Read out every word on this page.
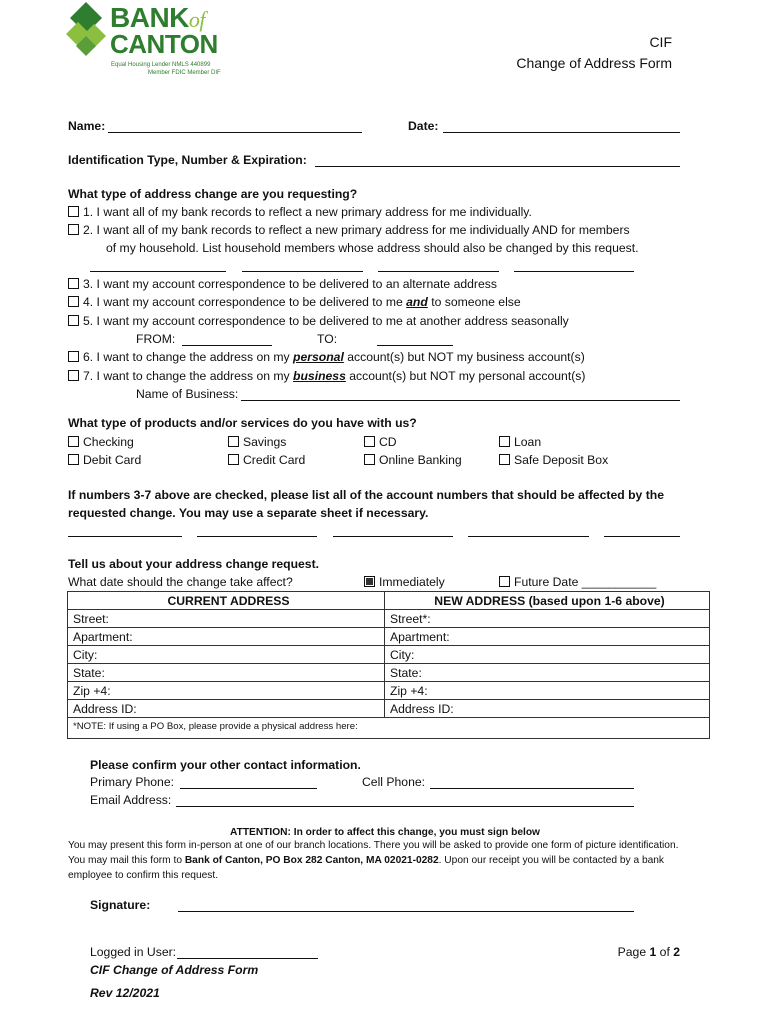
BANKof
CANTON
Equal Housing Lender NMLS 440899
Member FDIC Member DIF
CIF
Change of Address Form
Name:	Date:
Identification Type, Number & Expiration:
What type of address change are you requesting?
1. I want all of my bank records to reflect a new primary address for me individually.
2. I want all of my bank records to reflect a new primary address for me individually AND for members
of my household. List household members whose address should also be changed by this request.
3. I want my account correspondence to be delivered to an alternate address
4. I want my account correspondence to be delivered to me and to someone else
5. I want my account correspondence to be delivered to me at another address seasonally
FROM:	TO:
6. I want to change the address on my personal account(s) but NOT my business account(s)
7. I want to change the address on my business account(s) but NOT my personal account(s)
Name of Business:
What type of products and/or services do you have with us?
Checking	Savings	CD	Loan
Debit Card	Credit Card	Online Banking	Safe Deposit Box
If numbers 3-7 above are checked, please list all of the account numbers that should be affected by the
requested change. You may use a separate sheet if necessary.
Tell us about your address change request.
What date should the change take affect?	Immediately	Future Date ___________
CURRENT ADDRESS	NEW ADDRESS (based upon 1-6 above)
Street:	Street*:
Apartment:	Apartment:
City:	City:
State:	State:
Zip +4:	Zip +4:
Address ID:	Address ID:
*NOTE: If using a PO Box, please provide a physical address here:	
Please confirm your other contact information.
Primary Phone:	Cell Phone:
Email Address:
ATTENTION: In order to affect this change, you must sign below
You may present this form in-person at one of our branch locations. There you will be asked to provide one form of picture identification.
You may mail this form to Bank of Canton, PO Box 282 Canton, MA 02021-0282. Upon our receipt you will be contacted by a bank
employee to confirm this request.
Signature:
Logged in User:	Page 1 of 2
CIF Change of Address Form
Rev 12/2021
